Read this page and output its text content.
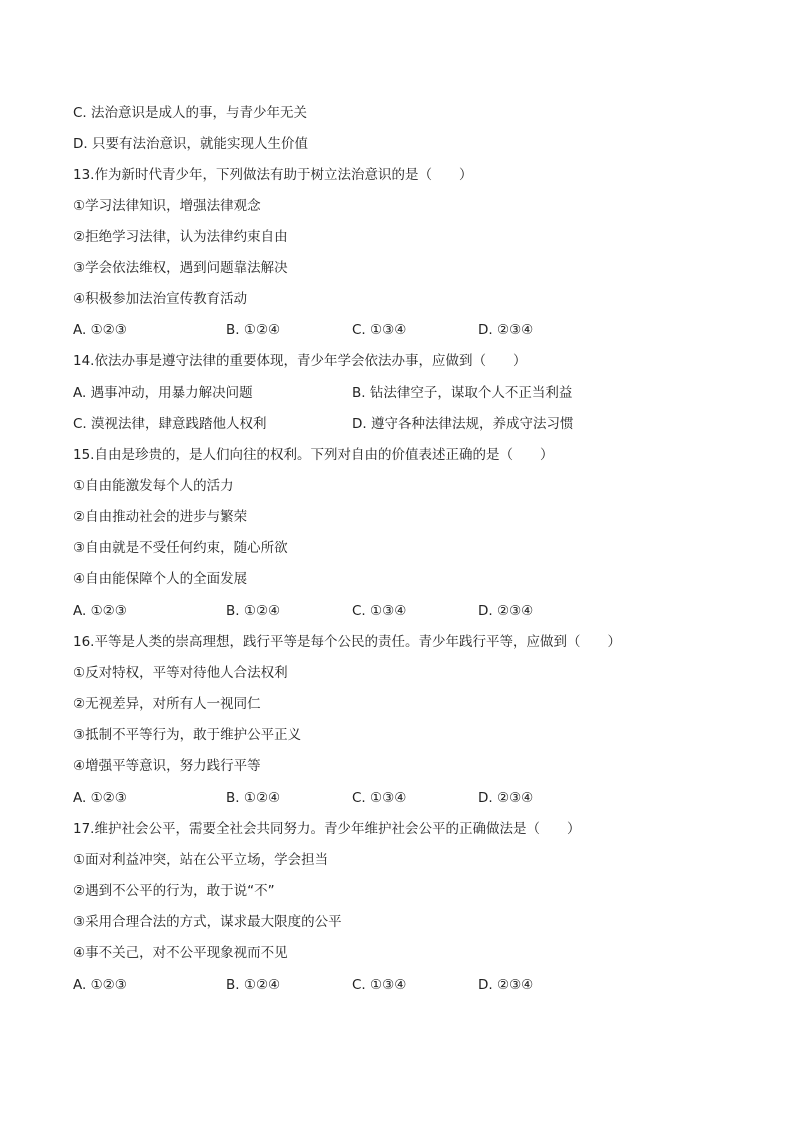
C. 法治意识是成人的事，与青少年无关
D. 只要有法治意识，就能实现人生价值
13.作为新时代青少年，下列做法有助于树立法治意识的是（　　）
①学习法律知识，增强法律观念
②拒绝学习法律，认为法律约束自由
③学会依法维权，遇到问题靠法解决
④积极参加法治宣传教育活动
A. ①②③	B. ①②④	C. ①③④	D. ②③④
14.依法办事是遵守法律的重要体现，青少年学会依法办事，应做到（　　）
A. 遇事冲动，用暴力解决问题	B. 钻法律空子，谋取个人不正当利益
C. 漠视法律，肆意践踏他人权利	D. 遵守各种法律法规，养成守法习惯
15.自由是珍贵的，是人们向往的权利。下列对自由的价值表述正确的是（　　）
①自由能激发每个人的活力
②自由推动社会的进步与繁荣
③自由就是不受任何约束，随心所欲
④自由能保障个人的全面发展
A. ①②③	B. ①②④	C. ①③④	D. ②③④
16.平等是人类的崇高理想，践行平等是每个公民的责任。青少年践行平等，应做到（　　）
①反对特权，平等对待他人合法权利
②无视差异，对所有人一视同仁
③抵制不平等行为，敢于维护公平正义
④增强平等意识，努力践行平等
A. ①②③	B. ①②④	C. ①③④	D. ②③④
17.维护社会公平，需要全社会共同努力。青少年维护社会公平的正确做法是（　　）
①面对利益冲突，站在公平立场，学会担当
②遇到不公平的行为，敢于说“不”
③采用合理合法的方式，谋求最大限度的公平
④事不关己，对不公平现象视而不见
A. ①②③	B. ①②④	C. ①③④	D. ②③④
